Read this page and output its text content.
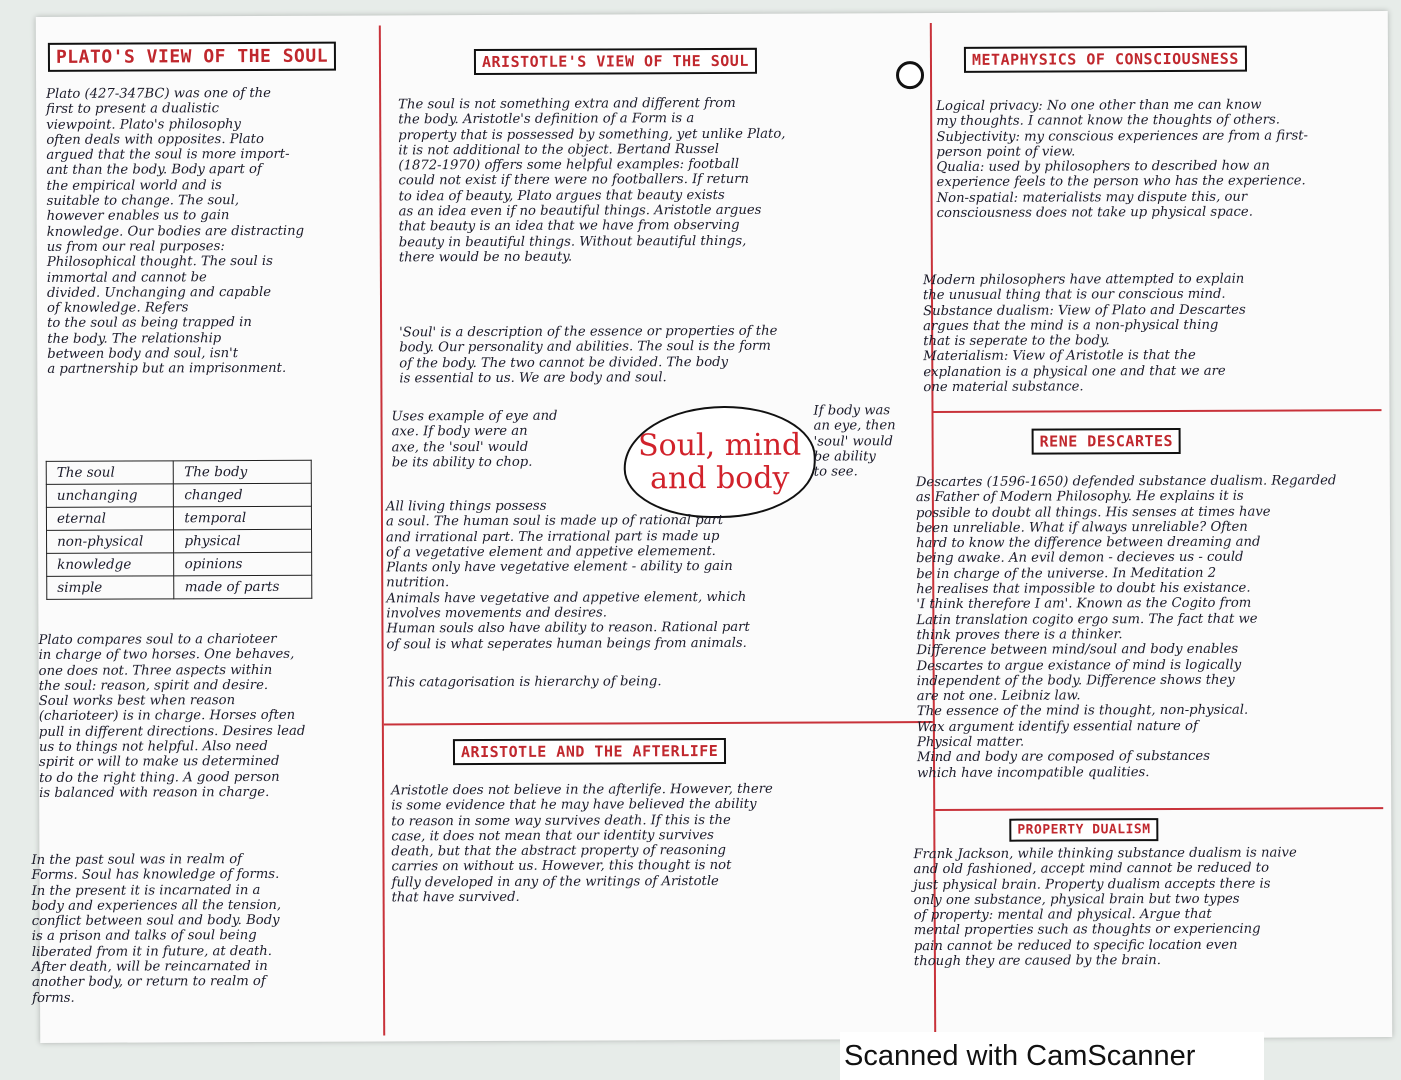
PLATO'S VIEW OF THE SOUL
Plato (427-347BC) was one of the
first to present a dualistic
viewpoint. Plato's philosophy
often deals with opposites. Plato
argued that the soul is more import-
ant than the body. Body apart of
the empirical world and is
suitable to change. The soul,
however enables us to gain
knowledge. Our bodies are distracting
us from our real purposes:
Philosophical thought. The soul is
immortal and cannot be
divided. Unchanging and capable
of knowledge. Refers
to the soul as being trapped in
the body. The relationship
between body and soul, isn't
a partnership but an imprisonment.
The soul	The body
unchanging	changed
eternal	temporal
non-physical	physical
knowledge	opinions
simple	made of parts
Plato compares soul to a charioteer
in charge of two horses. One behaves,
one does not. Three aspects within
the soul: reason, spirit and desire.
Soul works best when reason
(charioteer) is in charge. Horses often
pull in different directions. Desires lead
us to things not helpful. Also need
spirit or will to make us determined
to do the right thing. A good person
is balanced with reason in charge.
In the past soul was in realm of
Forms. Soul has knowledge of forms.
In the present it is incarnated in a
body and experiences all the tension,
conflict between soul and body. Body
is a prison and talks of soul being
liberated from it in future, at death.
After death, will be reincarnated in
another body, or return to realm of
forms.
ARISTOTLE'S VIEW OF THE SOUL
The soul is not something extra and different from
the body. Aristotle's definition of a Form is a
property that is possessed by something, yet unlike Plato,
it is not additional to the object. Bertand Russel
(1872-1970) offers some helpful examples: football
could not exist if there were no footballers. If return
to idea of beauty, Plato argues that beauty exists
as an idea even if no beautiful things. Aristotle argues
that beauty is an idea that we have from observing
beauty in beautiful things. Without beautiful things,
there would be no beauty.
'Soul' is a description of the essence or properties of the
body. Our personality and abilities. The soul is the form
of the body. The two cannot be divided. The body
is essential to us. We are body and soul.
Uses example of eye and
axe. If body were an
axe, the 'soul' would
be its ability to chop.	Soul, mind
and body
If body was
an eye, then
'soul' would
be ability
to see.
All living things possess
a soul. The human soul is made up of rational part
and irrational part. The irrational part is made up
of a vegetative element and appetive elemement.
Plants only have vegetative element - ability to gain
nutrition.
Animals have vegetative and appetive element, which
involves movements and desires.
Human souls also have ability to reason. Rational part
of soul is what seperates human beings from animals.
This catagorisation is hierarchy of being.
ARISTOTLE AND THE AFTERLIFE
Aristotle does not believe in the afterlife. However, there
is some evidence that he may have believed the ability
to reason in some way survives death. If this is the
case, it does not mean that our identity survives
death, but that the abstract property of reasoning
carries on without us. However, this thought is not
fully developed in any of the writings of Aristotle
that have survived.
METAPHYSICS OF CONSCIOUSNESS
Logical privacy: No one other than me can know
my thoughts. I cannot know the thoughts of others.
Subjectivity: my conscious experiences are from a first-
person point of view.
Qualia: used by philosophers to described how an
experience feels to the person who has the experience.
Non-spatial: materialists may dispute this, our
consciousness does not take up physical space.
Modern philosophers have attempted to explain
the unusual thing that is our conscious mind.
Substance dualism: View of Plato and Descartes
argues that the mind is a non-physical thing
that is seperate to the body.
Materialism: View of Aristotle is that the
explanation is a physical one and that we are
one material substance.
RENE DESCARTES
Descartes (1596-1650) defended substance dualism. Regarded
as Father of Modern Philosophy. He explains it is
possible to doubt all things. His senses at times have
been unreliable. What if always unreliable? Often
hard to know the difference between dreaming and
being awake. An evil demon - decieves us - could
be in charge of the universe. In Meditation 2
he realises that impossible to doubt his existance.
'I think therefore I am'. Known as the Cogito from
Latin translation cogito ergo sum. The fact that we
think proves there is a thinker.
Difference between mind/soul and body enables
Descartes to argue existance of mind is logically
independent of the body. Difference shows they
are not one. Leibniz law.
The essence of the mind is thought, non-physical.
Wax argument identify essential nature of
Physical matter.
Mind and body are composed of substances
which have incompatible qualities.
PROPERTY DUALISM
Frank Jackson, while thinking substance dualism is naive
and old fashioned, accept mind cannot be reduced to
just physical brain. Property dualism accepts there is
only one substance, physical brain but two types
of property: mental and physical. Argue that
mental properties such as thoughts or experiencing
pain cannot be reduced to specific location even
though they are caused by the brain.
Scanned with CamScanner
